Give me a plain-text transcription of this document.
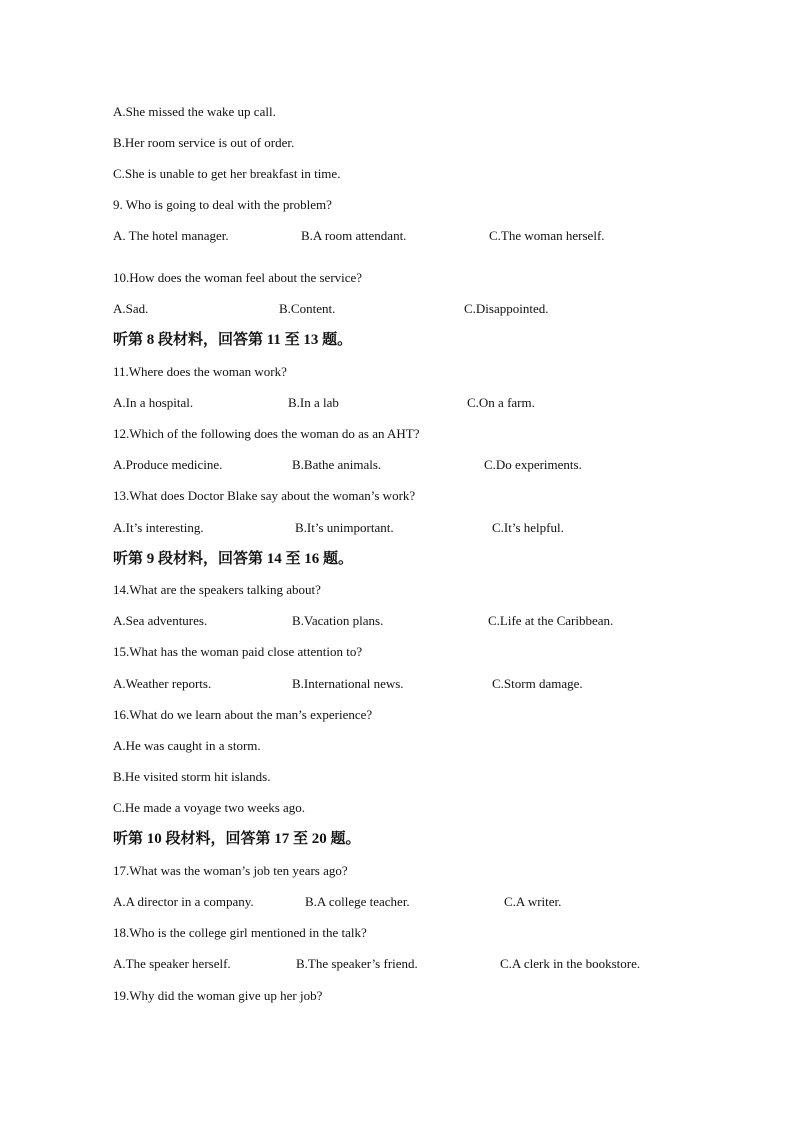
A.She missed the wake up call.
B.Her room service is out of order.
C.She is unable to get her breakfast in time.
9. Who is going to deal with the problem?
A. The hotel manager.	B.A room attendant.	C.The woman herself.
10.How does the woman feel about the service?
A.Sad.	B.Content.	C.Disappointed.
听第 8 段材料，回答第 11 至 13 题。
11.Where does the woman work?
A.In a hospital.	B.In a lab	C.On a farm.
12.Which of the following does the woman do as an AHT?
A.Produce medicine.	B.Bathe animals.	C.Do experiments.
13.What does Doctor Blake say about the woman’s work?
A.It’s interesting.	B.It’s unimportant.	C.It’s helpful.
听第 9 段材料，回答第 14 至 16 题。
14.What are the speakers talking about?
A.Sea adventures.	B.Vacation plans.	C.Life at the Caribbean.
15.What has the woman paid close attention to?
A.Weather reports.	B.International news.	C.Storm damage.
16.What do we learn about the man’s experience?
A.He was caught in a storm.
B.He visited storm hit islands.
C.He made a voyage two weeks ago.
听第 10 段材料，回答第 17 至 20 题。
17.What was the woman’s job ten years ago?
A.A director in a company.	B.A college teacher.	C.A writer.
18.Who is the college girl mentioned in the talk?
A.The speaker herself.	B.The speaker’s friend.	C.A clerk in the bookstore.
19.Why did the woman give up her job?
